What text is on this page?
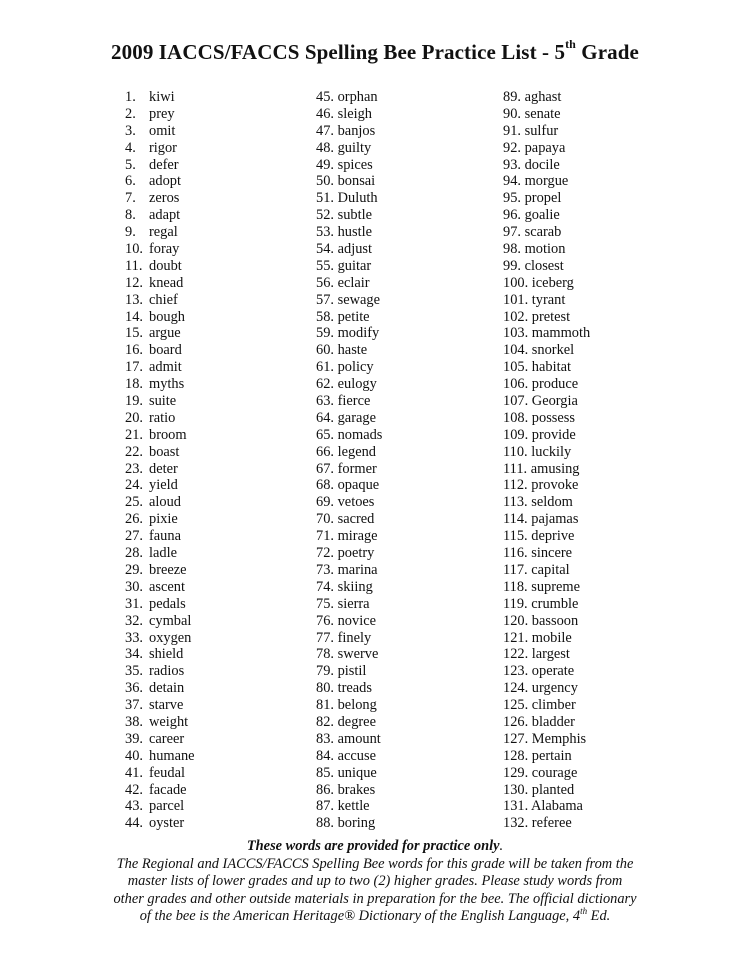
2009 IACCS/FACCS Spelling Bee Practice List - 5th Grade
1. kiwi
2. prey
3. omit
4. rigor
5. defer
6. adopt
7. zeros
8. adapt
9. regal
10. foray
11. doubt
12. knead
13. chief
14. bough
15. argue
16. board
17. admit
18. myths
19. suite
20. ratio
21. broom
22. boast
23. deter
24. yield
25. aloud
26. pixie
27. fauna
28. ladle
29. breeze
30. ascent
31. pedals
32. cymbal
33. oxygen
34. shield
35. radios
36. detain
37. starve
38. weight
39. career
40. humane
41. feudal
42. facade
43. parcel
44. oyster
45. orphan
46. sleigh
47. banjos
48. guilty
49. spices
50. bonsai
51. Duluth
52. subtle
53. hustle
54. adjust
55. guitar
56. eclair
57. sewage
58. petite
59. modify
60. haste
61. policy
62. eulogy
63. fierce
64. garage
65. nomads
66. legend
67. former
68. opaque
69. vetoes
70. sacred
71. mirage
72. poetry
73. marina
74. skiing
75. sierra
76. novice
77. finely
78. swerve
79. pistil
80. treads
81. belong
82. degree
83. amount
84. accuse
85. unique
86. brakes
87. kettle
88. boring
89. aghast
90. senate
91. sulfur
92. papaya
93. docile
94. morgue
95. propel
96. goalie
97. scarab
98. motion
99. closest
100. iceberg
101. tyrant
102. pretest
103. mammoth
104. snorkel
105. habitat
106. produce
107. Georgia
108. possess
109. provide
110. luckily
111. amusing
112. provoke
113. seldom
114. pajamas
115. deprive
116. sincere
117. capital
118. supreme
119. crumble
120. bassoon
121. mobile
122. largest
123. operate
124. urgency
125. climber
126. bladder
127. Memphis
128. pertain
129. courage
130. planted
131. Alabama
132. referee
These words are provided for practice only.
The Regional and IACCS/FACCS Spelling Bee words for this grade will be taken from the
master lists of lower grades and up to two (2) higher grades. Please study words from
other grades and other outside materials in preparation for the bee. The official dictionary
of the bee is the American Heritage® Dictionary of the English Language, 4th Ed.
